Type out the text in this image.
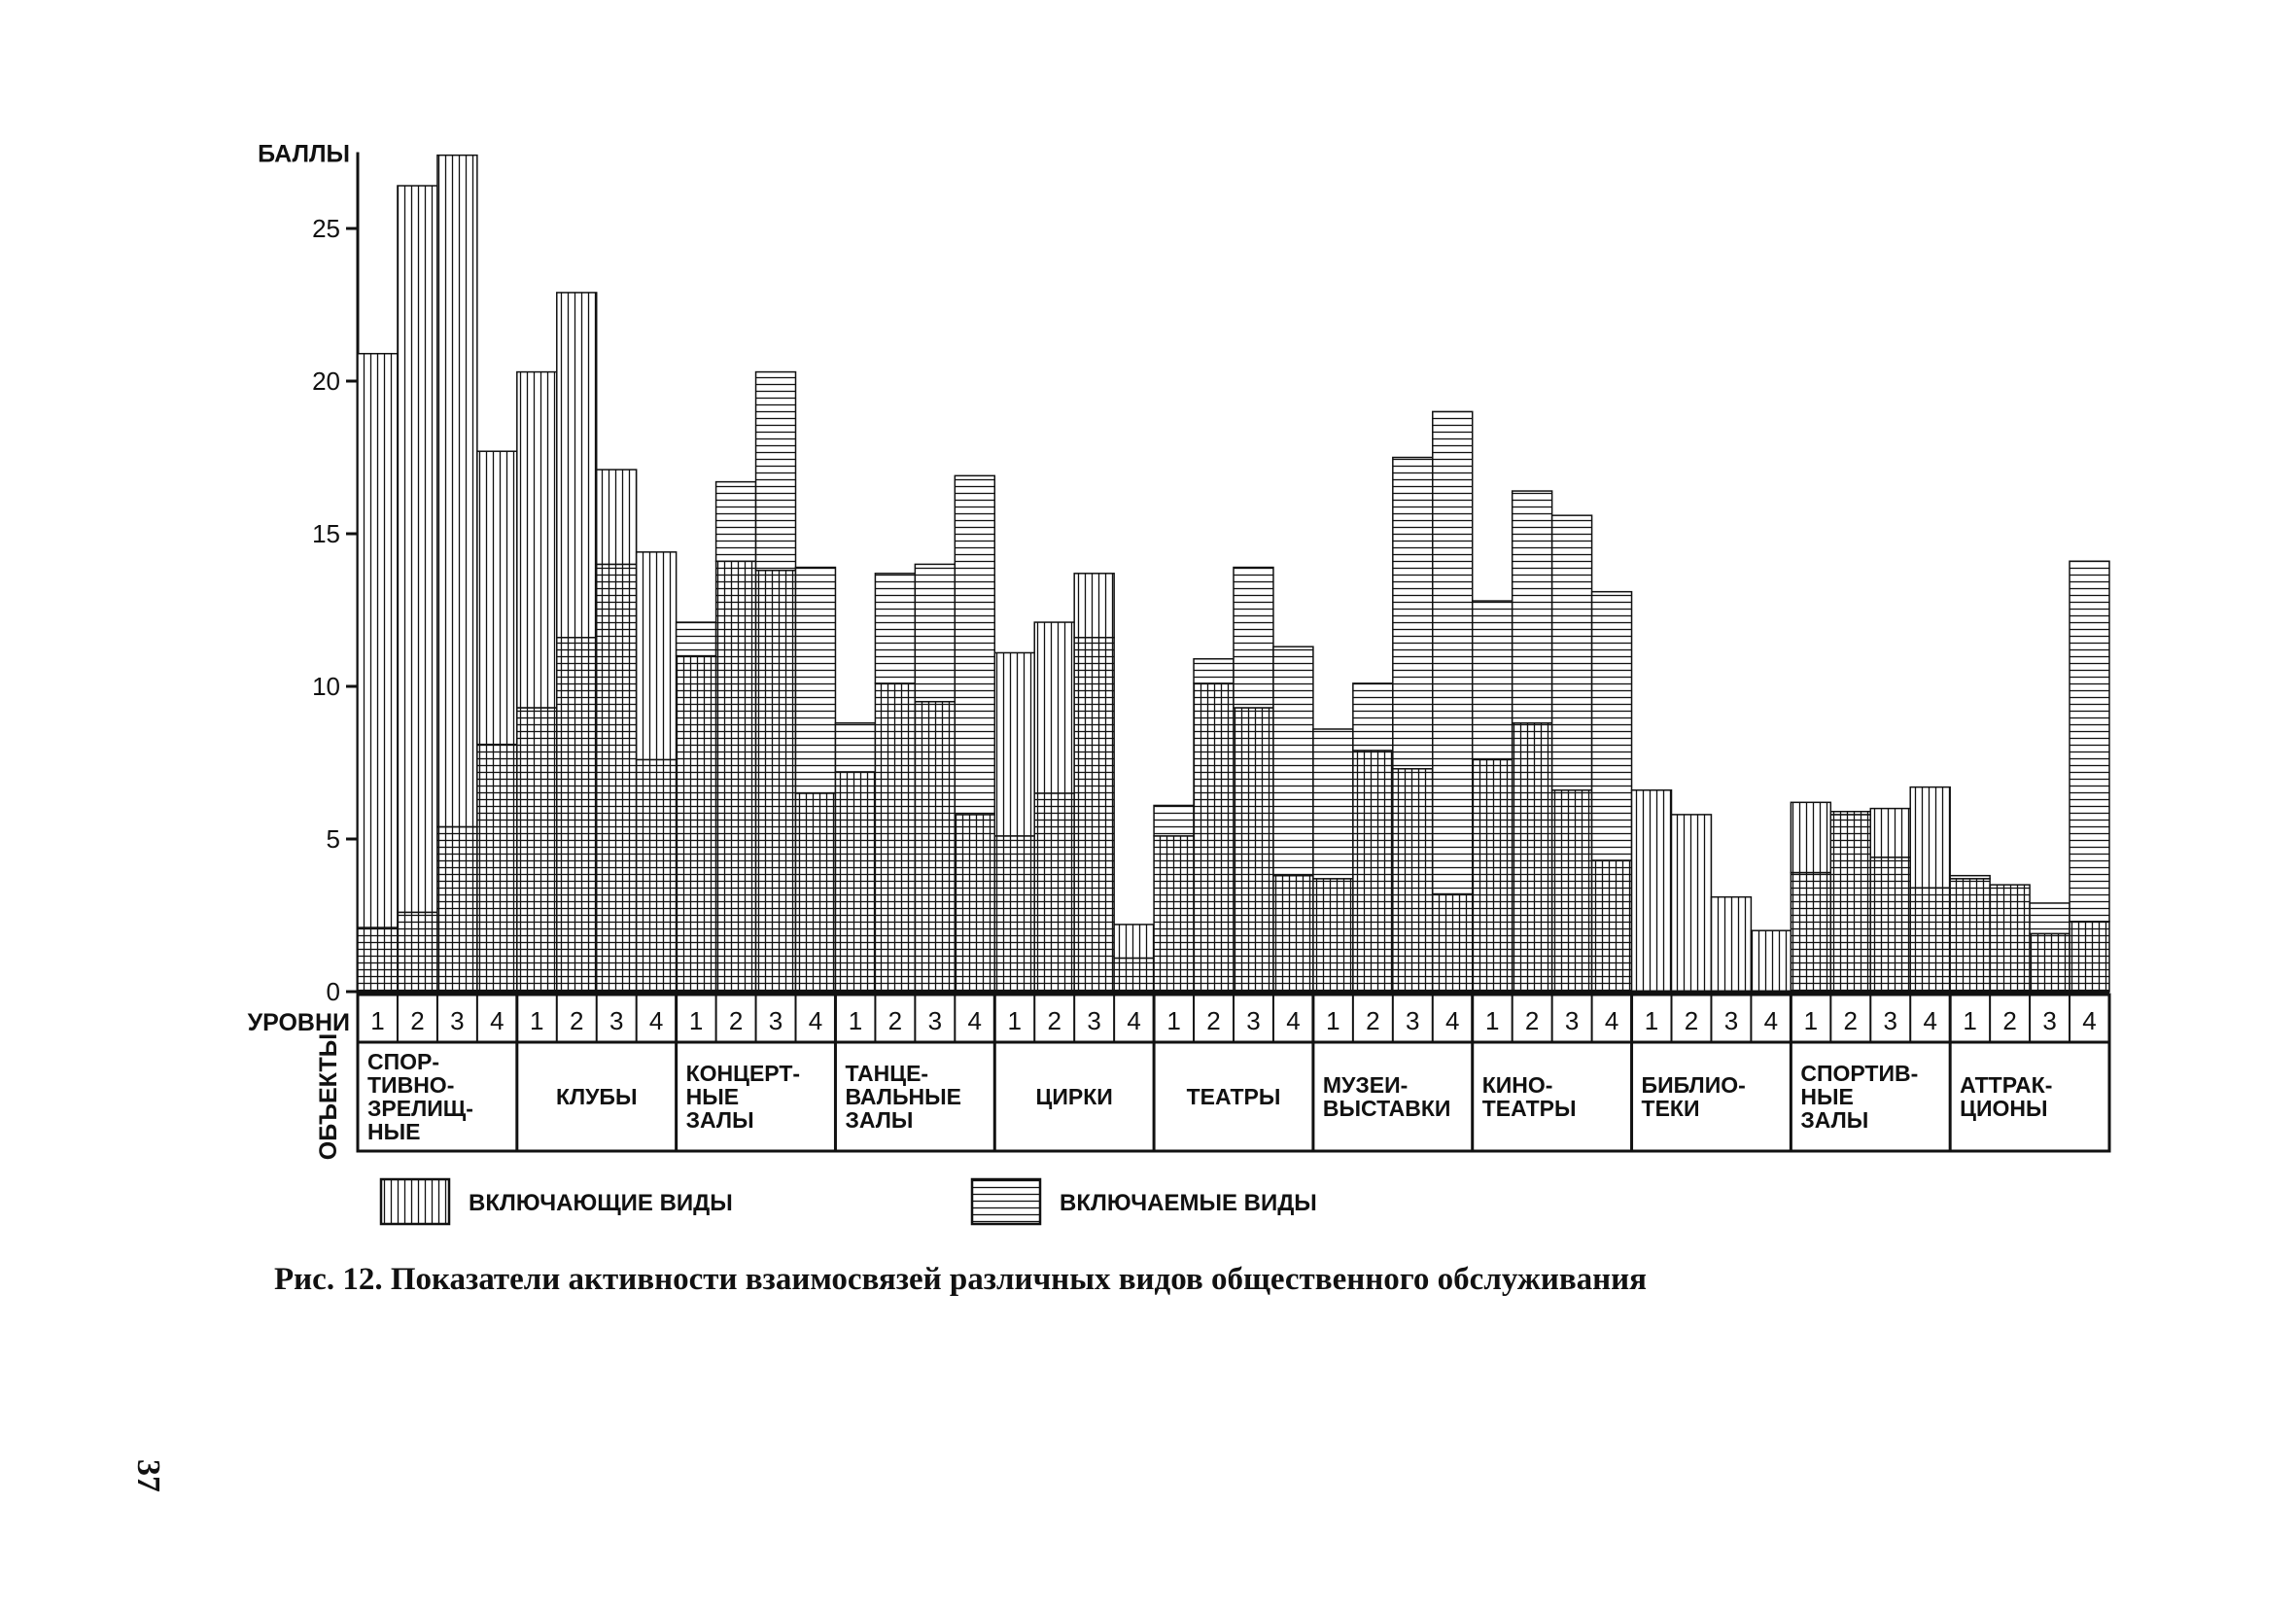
0
5
10
15
20
25
БАЛЛЫ
УРОВНИ 1 2 3 4 1 2 3 4 1 2 3 4 1 2 3 4 1 2 3 4 1 2 3 4 1 2 3 4 1 2 3 4 1 2 3 4 1 2 3 4 1 2 3 4
ОБЪЕКТЫ СПОР-ТИВНО-ЗРЕЛИЩ-НЫЕ
КЛУБЫ
КОНЦЕРТ-НЫЕ ЗАЛЫ
ТАНЦЕ-ВАЛЬНЫЕ ЗАЛЫ
ЦИРКИ	ТЕАТРЫ МУЗЕИ-ВЫСТАВКИ
КИНО-ТЕАТРЫ
БИБЛИО-ТЕКИ
СПОРТИВ-НЫЕ ЗАЛЫ
АТТРАК-ЦИОНЫ
ВКЛЮЧАЮЩИЕ ВИДЫ	ВКЛЮЧАЕМЫЕ ВИДЫ
Рис. 12. Показатели активности взаимосвязей различных видов общественного обслуживания
37
